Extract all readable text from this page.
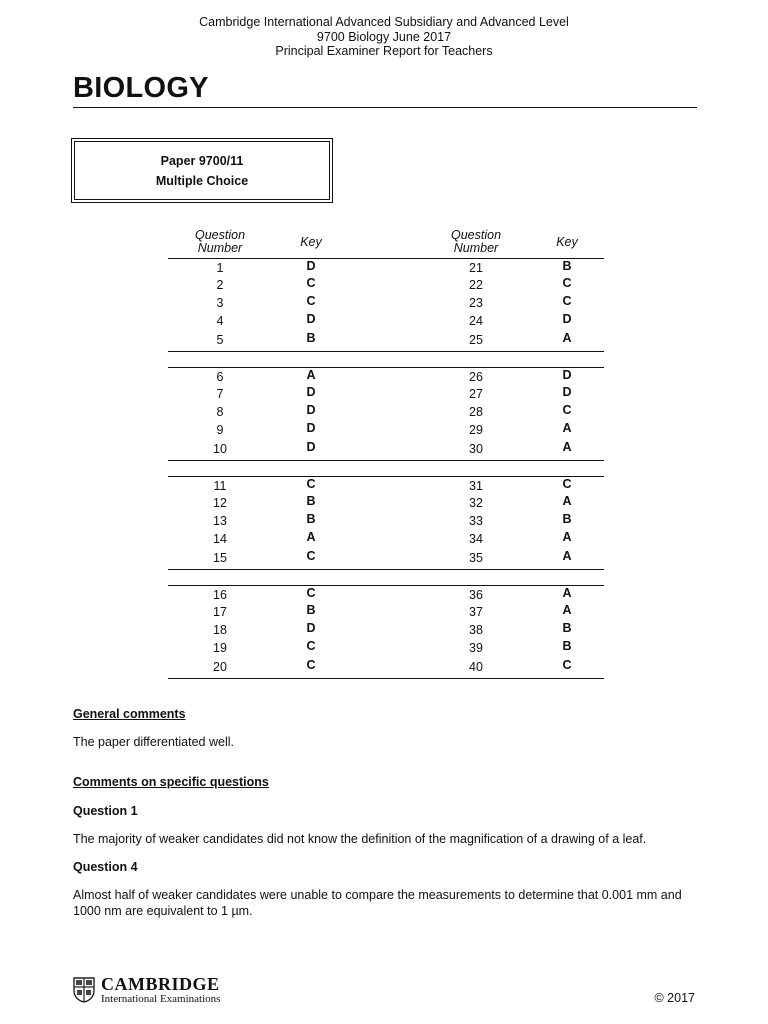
Cambridge International Advanced Subsidiary and Advanced Level
9700 Biology June 2017
Principal Examiner Report for Teachers
BIOLOGY
Paper 9700/11
Multiple Choice
Question
Number	Key	Question
Number	Key
1	D	21	B
2	C	22	C
3	C	23	C
4	D	24	D
5	B	25	A
6	A	26	D
7	D	27	D
8	D	28	C
9	D	29	A
10	D	30	A
11	C	31	C
12	B	32	A
13	B	33	B
14	A	34	A
15	C	35	A
16	C	36	A
17	B	37	A
18	D	38	B
19	C	39	B
20	C	40	C
General comments
The paper differentiated well.
Comments on specific questions
Question 1
The majority of weaker candidates did not know the definition of the magnification of a drawing of a leaf.
Question 4
Almost half of weaker candidates were unable to compare the measurements to determine that 0.001 mm and 1000 nm are equivalent to 1 µm.
CAMBRIDGE
International Examinations	© 2017
